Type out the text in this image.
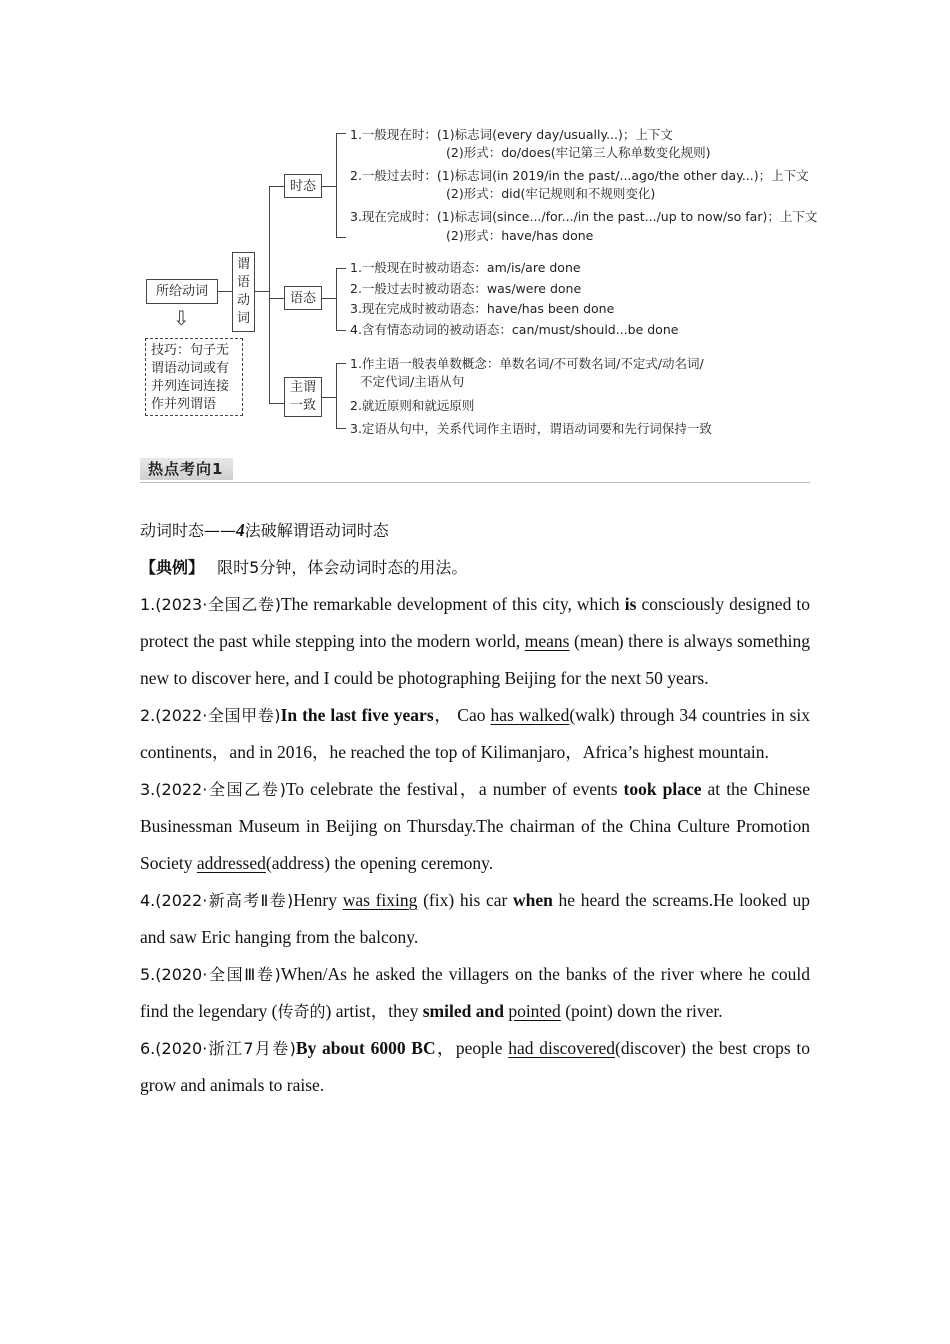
所给动词
⇩
技巧：句子无
谓语动词或有
并列连词连接
作并列谓语
谓
语
动
词
时态
1.一般现在时：(1)标志词(every day/usually...)；上下文
(2)形式：do/does(牢记第三人称单数变化规则)
2.一般过去时：(1)标志词(in 2019/in the past/...ago/the other day...)；上下文
(2)形式：did(牢记规则和不规则变化)
3.现在完成时：(1)标志词(since.../for.../in the past.../up to now/so far)；上下文
(2)形式：have/has done
语态
1.一般现在时被动语态：am/is/are done
2.一般过去时被动语态：was/were done
3.现在完成时被动语态：have/has been done
4.含有情态动词的被动语态：can/must/should...be done
主谓
一致
1.作主语一般表单数概念：单数名词/不可数名词/不定式/动名词/
不定代词/主语从句
2.就近原则和就远原则
3.定语从句中，关系代词作主语时，谓语动词要和先行词保持一致
热点考向1

动词时态——4法破解谓语动词时态

【典例】 限时5分钟，体会动词时态的用法。

1.(2023·全国乙卷)The remarkable development of this city, which is consciously designed to protect the past while stepping into the modern world, means (mean) there is always something new to discover here, and I could be photographing Beijing for the next 50 years.

2.(2022·全国甲卷)In the last five years， Cao has walked(walk) through 34 countries in six continents，and in 2016，he reached the top of Kilimanjaro，Africa’s highest mountain.

3.(2022·全国乙卷)To celebrate the festival，a number of events took place at the Chinese Businessman Museum in Beijing on Thursday.The chairman of the China Culture Promotion Society addressed(address) the opening ceremony.

4.(2022·新高考Ⅱ卷)Henry was fixing (fix) his car when he heard the screams.He looked up and saw Eric hanging from the balcony.

5.(2020·全国Ⅲ卷)When/As he asked the villagers on the banks of the river where he could find the legendary (传奇的) artist，they smiled and pointed (point) down the river.

6.(2020·浙江7月卷)By about 6000 BC，people had discovered(discover) the best crops to grow and animals to raise.
